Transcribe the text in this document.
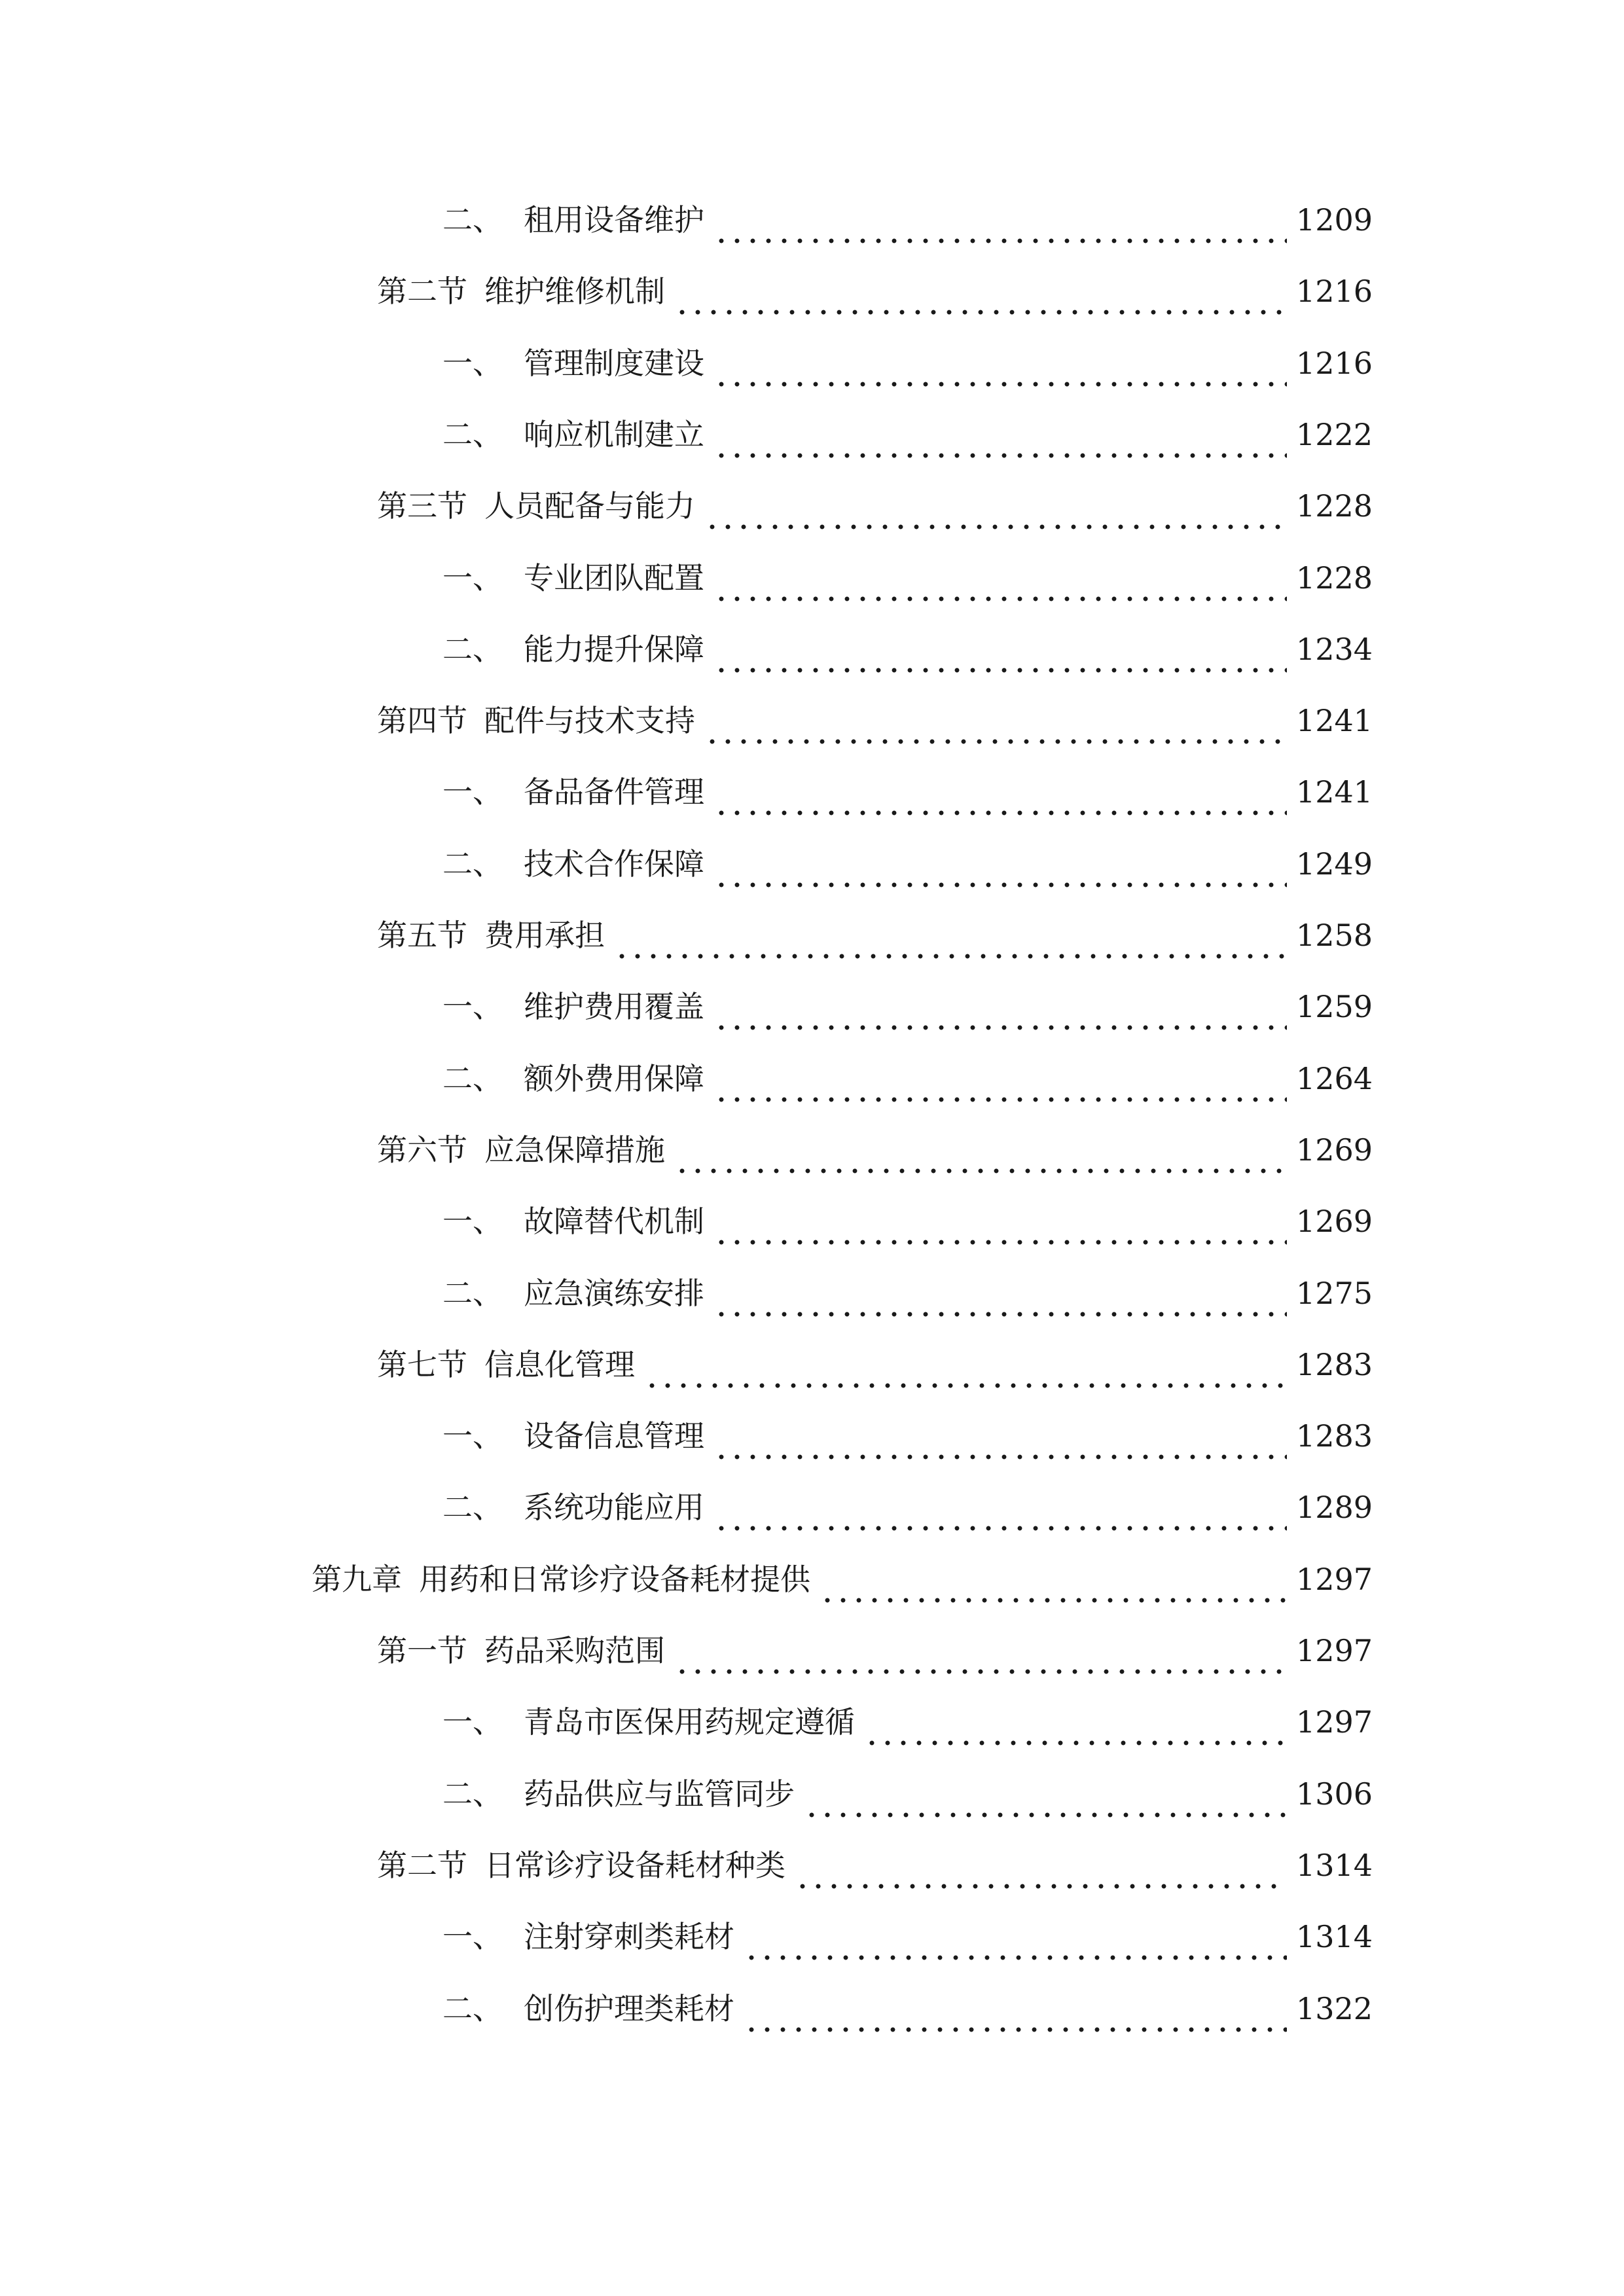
二、 租用设备维护	1209
第二节 维护维修机制	1216
一、 管理制度建设	1216
二、 响应机制建立	1222
第三节 人员配备与能力	1228
一、 专业团队配置	1228
二、 能力提升保障	1234
第四节 配件与技术支持	1241
一、 备品备件管理	1241
二、 技术合作保障	1249
第五节 费用承担	1258
一、 维护费用覆盖	1259
二、 额外费用保障	1264
第六节 应急保障措施	1269
一、 故障替代机制	1269
二、 应急演练安排	1275
第七节 信息化管理	1283
一、 设备信息管理	1283
二、 系统功能应用	1289
第九章 用药和日常诊疗设备耗材提供	1297
第一节 药品采购范围	1297
一、 青岛市医保用药规定遵循	1297
二、 药品供应与监管同步	1306
第二节 日常诊疗设备耗材种类	1314
一、 注射穿刺类耗材	1314
二、 创伤护理类耗材	1322
